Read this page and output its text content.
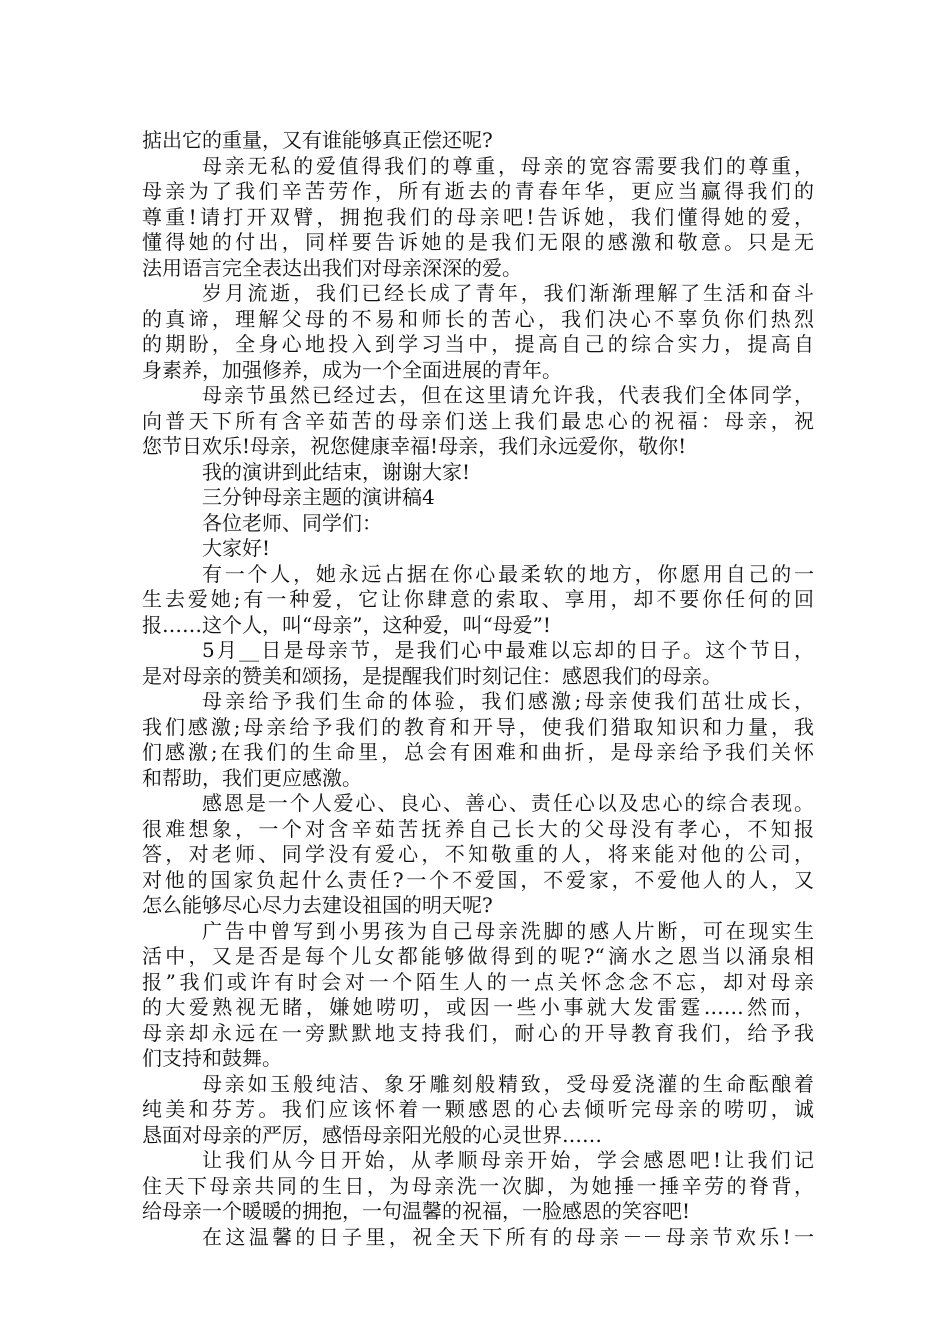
掂出它的重量，又有谁能够真正偿还呢?
母亲无私的爱值得我们的尊重，母亲的宽容需要我们的尊重，
母亲为了我们辛苦劳作，所有逝去的青春年华，更应当赢得我们的
尊重!请打开双臂，拥抱我们的母亲吧!告诉她，我们懂得她的爱，
懂得她的付出，同样要告诉她的是我们无限的感激和敬意。只是无
法用语言完全表达出我们对母亲深深的爱。
岁月流逝，我们已经长成了青年，我们渐渐理解了生活和奋斗
的真谛，理解父母的不易和师长的苦心，我们决心不辜负你们热烈
的期盼，全身心地投入到学习当中，提高自己的综合实力，提高自
身素养，加强修养，成为一个全面进展的青年。
母亲节虽然已经过去，但在这里请允许我，代表我们全体同学，
向普天下所有含辛茹苦的母亲们送上我们最忠心的祝福：母亲，祝
您节日欢乐!母亲，祝您健康幸福!母亲，我们永远爱你，敬你!
我的演讲到此结束，谢谢大家!
三分钟母亲主题的演讲稿4
各位老师、同学们：
大家好!
有一个人，她永远占据在你心最柔软的地方，你愿用自己的一
生去爱她;有一种爱，它让你肆意的索取、享用，却不要你任何的回
报……这个人，叫“母亲”，这种爱，叫“母爱”!
5月__日是母亲节，是我们心中最难以忘却的日子。这个节日，
是对母亲的赞美和颂扬，是提醒我们时刻记住：感恩我们的母亲。
母亲给予我们生命的体验，我们感激;母亲使我们茁壮成长，
我们感激;母亲给予我们的教育和开导，使我们猎取知识和力量，我
们感激;在我们的生命里，总会有困难和曲折，是母亲给予我们关怀
和帮助，我们更应感激。
感恩是一个人爱心、良心、善心、责任心以及忠心的综合表现。
很难想象，一个对含辛茹苦抚养自己长大的父母没有孝心，不知报
答，对老师、同学没有爱心，不知敬重的人，将来能对他的公司，
对他的国家负起什么责任?一个不爱国，不爱家，不爱他人的人，又
怎么能够尽心尽力去建设祖国的明天呢?
广告中曾写到小男孩为自己母亲洗脚的感人片断，可在现实生
活中，又是否是每个儿女都能够做得到的呢?“滴水之恩当以涌泉相
报”我们或许有时会对一个陌生人的一点关怀念念不忘，却对母亲
的大爱熟视无睹，嫌她唠叨，或因一些小事就大发雷霆……然而，
母亲却永远在一旁默默地支持我们，耐心的开导教育我们，给予我
们支持和鼓舞。
母亲如玉般纯洁、象牙雕刻般精致，受母爱浇灌的生命酝酿着
纯美和芬芳。我们应该怀着一颗感恩的心去倾听完母亲的唠叨，诚
恳面对母亲的严厉，感悟母亲阳光般的心灵世界……
让我们从今日开始，从孝顺母亲开始，学会感恩吧!让我们记
住天下母亲共同的生日，为母亲洗一次脚，为她捶一捶辛劳的脊背，
给母亲一个暖暖的拥抱，一句温馨的祝福，一脸感恩的笑容吧!
在这温馨的日子里，祝全天下所有的母亲－－母亲节欢乐!一
